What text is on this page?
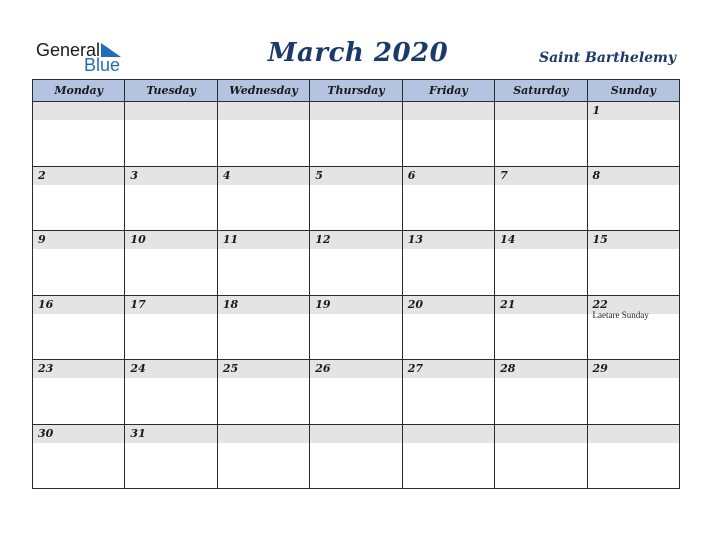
General
Blue	March 2020	Saint Barthelemy
Monday	Tuesday	Wednesday	Thursday	Friday	Saturday	Sunday

						1

2	3	4	5	6	7	8

9	10	11	12	13	14	15

16	17	18	19	20	21	22
Laetare Sunday

23	24	25	26	27	28	29

30	31					
